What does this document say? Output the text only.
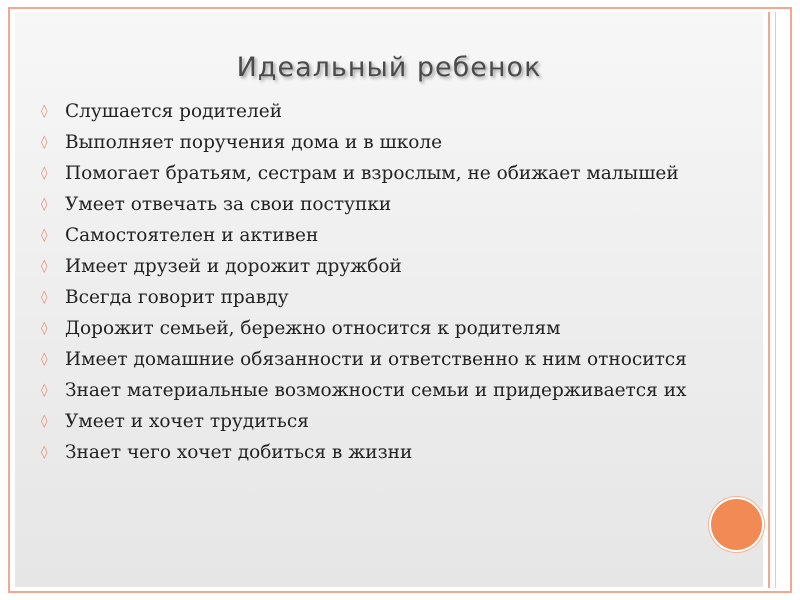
Идеальный ребенок
◊ Слушается родителей
◊ Выполняет поручения дома и в школе
◊ Помогает братьям, сестрам и взрослым, не обижает малышей
◊ Умеет отвечать за свои поступки
◊ Самостоятелен и активен
◊ Имеет друзей и дорожит дружбой
◊ Всегда говорит правду
◊ Дорожит семьей, бережно относится к родителям
◊ Имеет домашние обязанности и ответственно к ним относится
◊ Знает материальные возможности семьи и придерживается их
◊ Умеет и хочет трудиться
◊ Знает чего хочет добиться в жизни
